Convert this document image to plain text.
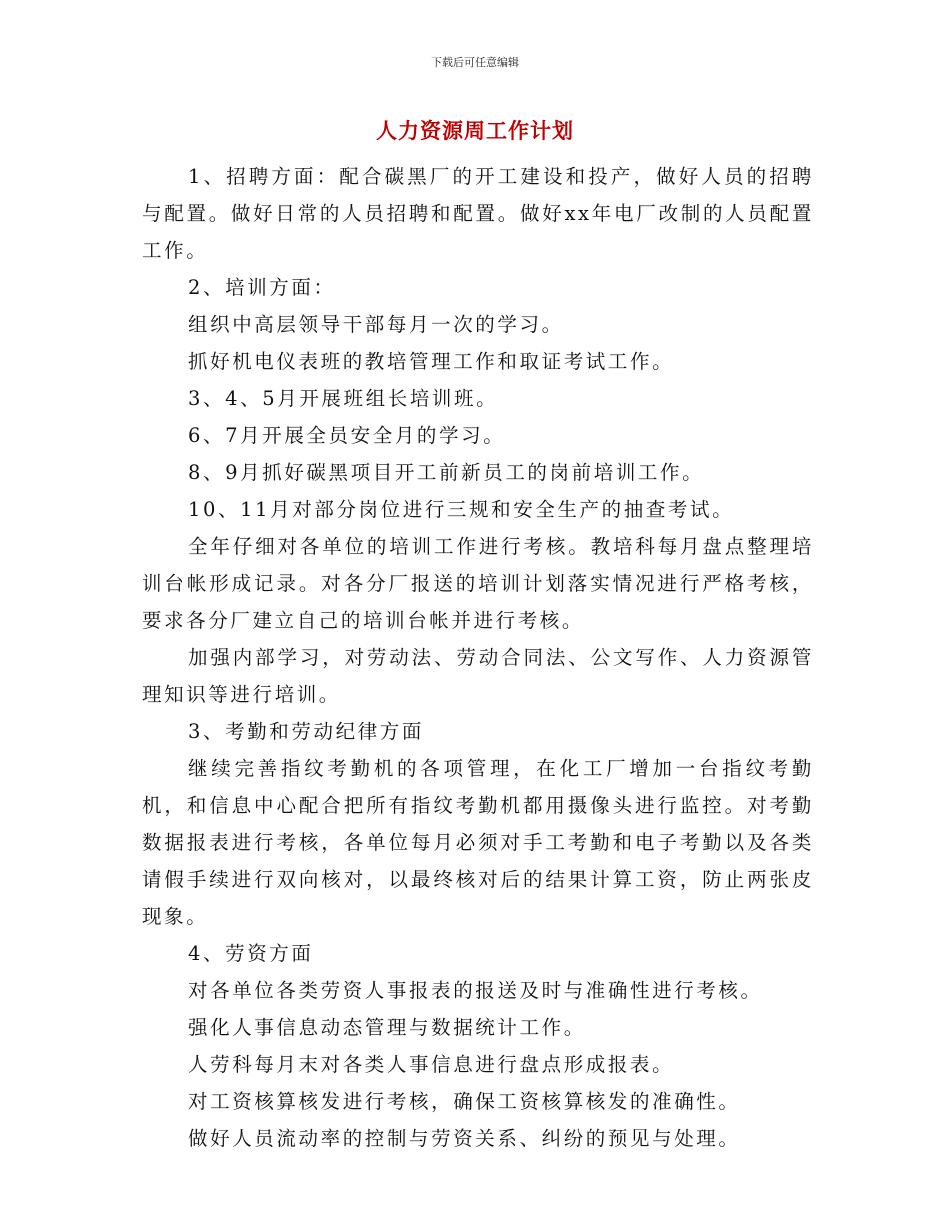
下载后可任意编辑
人力资源周工作计划

1、招聘方面：配合碳黑厂的开工建设和投产，做好人员的招聘与配置。做好日常的人员招聘和配置。做好xx年电厂改制的人员配置工作。

2、培训方面：

组织中高层领导干部每月一次的学习。

抓好机电仪表班的教培管理工作和取证考试工作。

3、4、5月开展班组长培训班。

6、7月开展全员安全月的学习。

8、9月抓好碳黑项目开工前新员工的岗前培训工作。

10、11月对部分岗位进行三规和安全生产的抽查考试。

全年仔细对各单位的培训工作进行考核。教培科每月盘点整理培训台帐形成记录。对各分厂报送的培训计划落实情况进行严格考核，要求各分厂建立自己的培训台帐并进行考核。

加强内部学习，对劳动法、劳动合同法、公文写作、人力资源管理知识等进行培训。

3、考勤和劳动纪律方面

继续完善指纹考勤机的各项管理，在化工厂增加一台指纹考勤机，和信息中心配合把所有指纹考勤机都用摄像头进行监控。对考勤数据报表进行考核，各单位每月必须对手工考勤和电子考勤以及各类请假手续进行双向核对，以最终核对后的结果计算工资，防止两张皮现象。

4、劳资方面

对各单位各类劳资人事报表的报送及时与准确性进行考核。

强化人事信息动态管理与数据统计工作。

人劳科每月末对各类人事信息进行盘点形成报表。

对工资核算核发进行考核，确保工资核算核发的准确性。

做好人员流动率的控制与劳资关系、纠纷的预见与处理。
